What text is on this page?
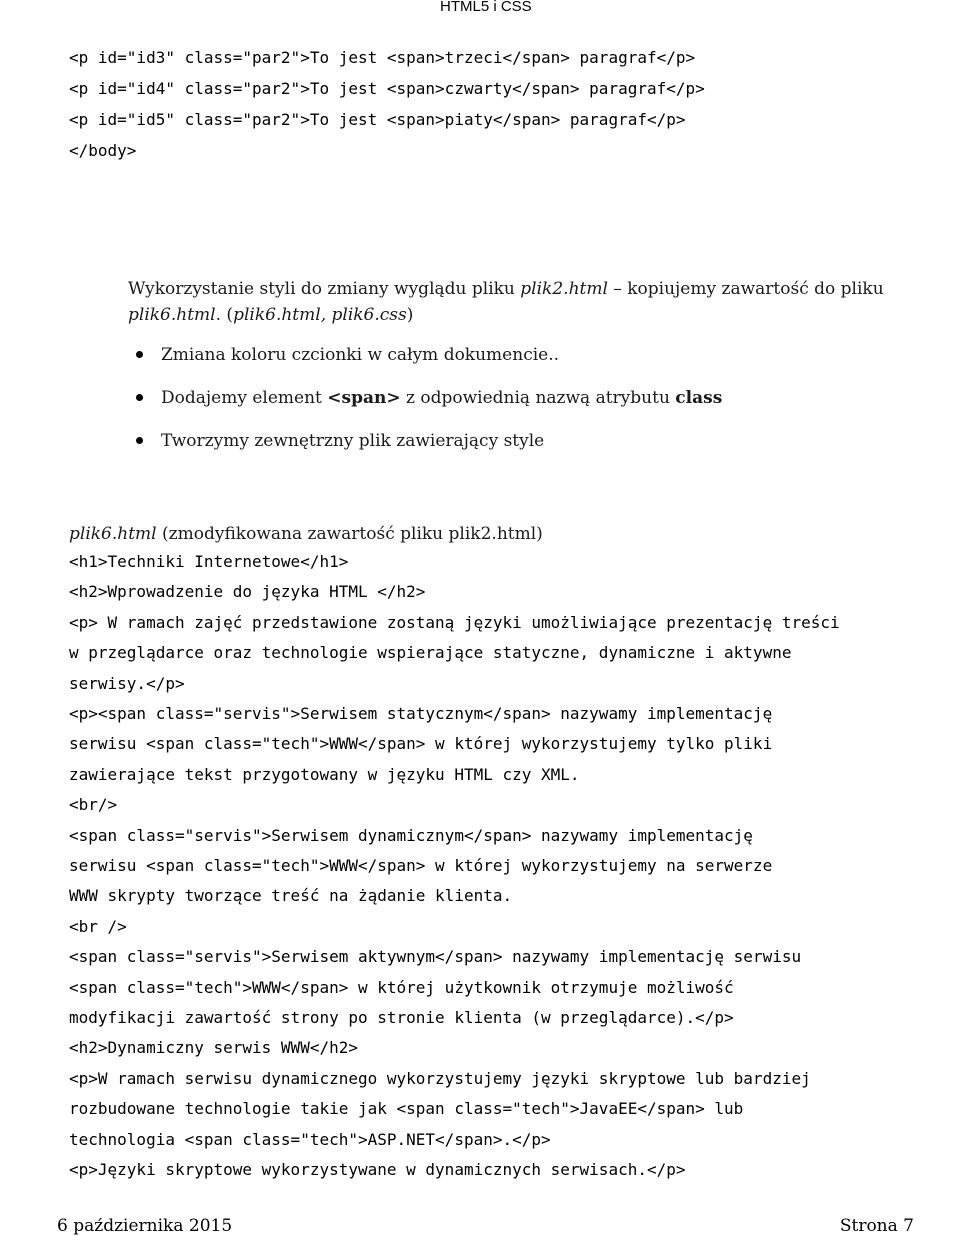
HTML5 i CSS
<p id="id3" class="par2">To jest <span>trzeci</span> paragraf</p>
<p id="id4" class="par2">To jest <span>czwarty</span> paragraf</p>
<p id="id5" class="par2">To jest <span>piaty</span> paragraf</p>
</body>
Wykorzystanie styli do zmiany wyglądu pliku plik2.html – kopiujemy zawartość do pliku plik6.html. (plik6.html, plik6.css)
Zmiana koloru czcionki w całym dokumencie..
Dodajemy element <span> z odpowiednią nazwą atrybutu class
Tworzymy zewnętrzny plik zawierający style
plik6.html (zmodyfikowana zawartość pliku plik2.html)
<h1>Techniki Internetowe</h1>
<h2>Wprowadzenie do języka HTML </h2>
<p> W ramach zajęć przedstawione zostaną języki umożliwiające prezentację treści
w przeglądarce oraz technologie wspierające statyczne, dynamiczne i aktywne
serwisy.</p>
<p><span class="servis">Serwisem statycznym</span> nazywamy implementację
serwisu <span class="tech">WWW</span> w której wykorzystujemy tylko pliki
zawierające tekst przygotowany w języku HTML czy XML.
<br/>
<span class="servis">Serwisem dynamicznym</span> nazywamy implementację
serwisu <span class="tech">WWW</span> w której wykorzystujemy na serwerze
WWW skrypty tworzące treść na żądanie klienta.
<br />
<span class="servis">Serwisem aktywnym</span> nazywamy implementację serwisu
<span class="tech">WWW</span> w której użytkownik otrzymuje możliwość
modyfikacji zawartość strony po stronie klienta (w przeglądarce).</p>
<h2>Dynamiczny serwis WWW</h2>
<p>W ramach serwisu dynamicznego wykorzystujemy języki skryptowe lub bardziej
rozbudowane technologie takie jak <span class="tech">JavaEE</span> lub
technologia <span class="tech">ASP.NET</span>.</p>
<p>Języki skryptowe wykorzystywane w dynamicznych serwisach.</p>
6 października 2015	Strona 7
